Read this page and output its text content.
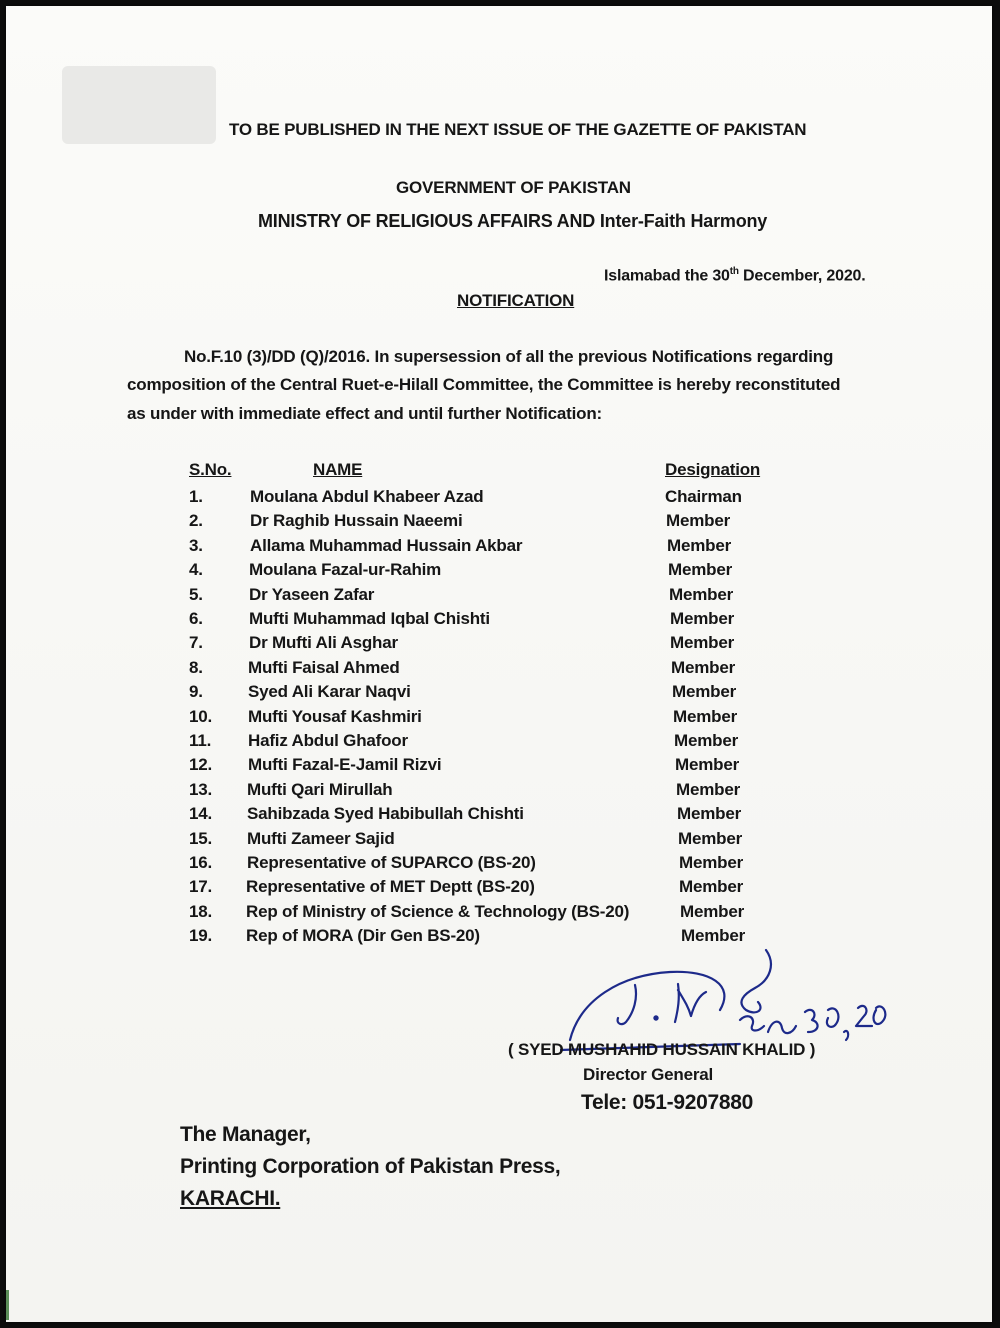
TO BE PUBLISHED IN THE NEXT ISSUE OF THE GAZETTE OF PAKISTAN
GOVERNMENT OF PAKISTAN
MINISTRY OF RELIGIOUS AFFAIRS AND Inter-Faith Harmony
Islamabad the 30th December, 2020.
NOTIFICATION
No.F.10 (3)/DD (Q)/2016. In supersession of all the previous Notifications regarding
composition of the Central Ruet-e-Hilall Committee, the Committee is hereby reconstituted
as under with immediate effect and until further Notification:
S.No.	NAME	Designation
1.	Moulana Abdul Khabeer Azad	Chairman
2.	Dr Raghib Hussain Naeemi	Member
3.	Allama Muhammad Hussain Akbar	Member
4.	Moulana Fazal-ur-Rahim	Member
5.	Dr Yaseen Zafar	Member
6.	Mufti Muhammad Iqbal Chishti	Member
7.	Dr Mufti Ali Asghar	Member
8.	Mufti Faisal Ahmed	Member
9.	Syed Ali Karar Naqvi	Member
10. Mufti Yousaf Kashmiri	Member
11. Hafiz Abdul Ghafoor	Member
12. Mufti Fazal-E-Jamil Rizvi	Member
13. Mufti Qari Mirullah	Member
14. Sahibzada Syed Habibullah Chishti	Member
15. Mufti Zameer Sajid	Member
16. Representative of SUPARCO (BS-20)	Member
17. Representative of MET Deptt (BS-20)	Member
18. Rep of Ministry of Science & Technology (BS-20)	Member
19. Rep of MORA (Dir Gen BS-20)	Member
( SYED MUSHAHID HUSSAIN KHALID )
Director General
Tele: 051-9207880
The Manager,
Printing Corporation of Pakistan Press,
KARACHI.
